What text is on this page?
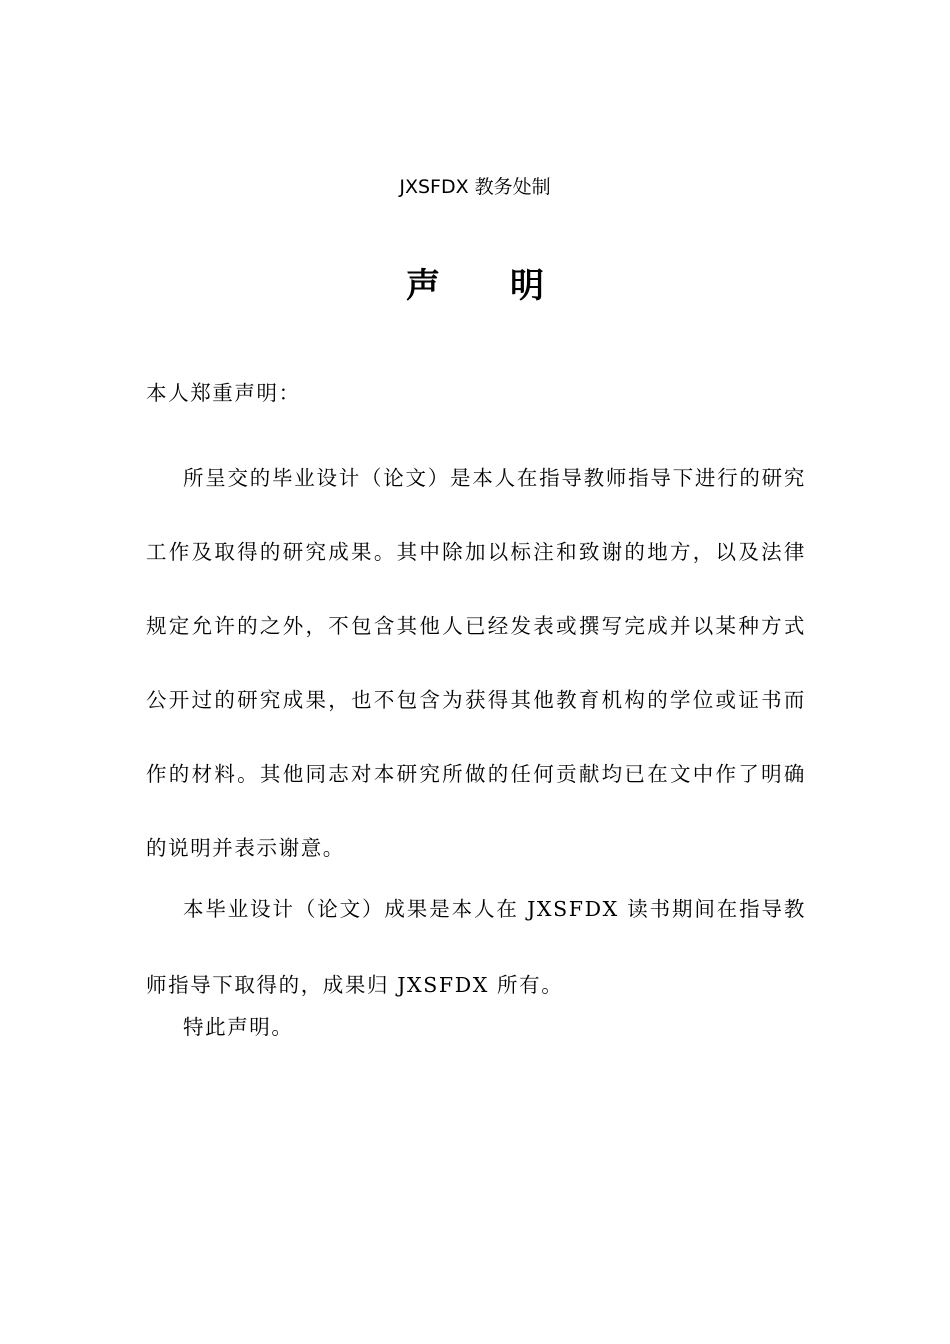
JXSFDX 教务处制
声明
本人郑重声明：
所呈交的毕业设计（论文）是本人在指导教师指导下进行的研究工作及取得的研究成果。其中除加以标注和致谢的地方，以及法律规定允许的之外，不包含其他人已经发表或撰写完成并以某种方式公开过的研究成果，也不包含为获得其他教育机构的学位或证书而作的材料。其他同志对本研究所做的任何贡献均已在文中作了明确的说明并表示谢意。
本毕业设计（论文）成果是本人在 JXSFDX 读书期间在指导教师指导下取得的，成果归 JXSFDX 所有。
特此声明。
